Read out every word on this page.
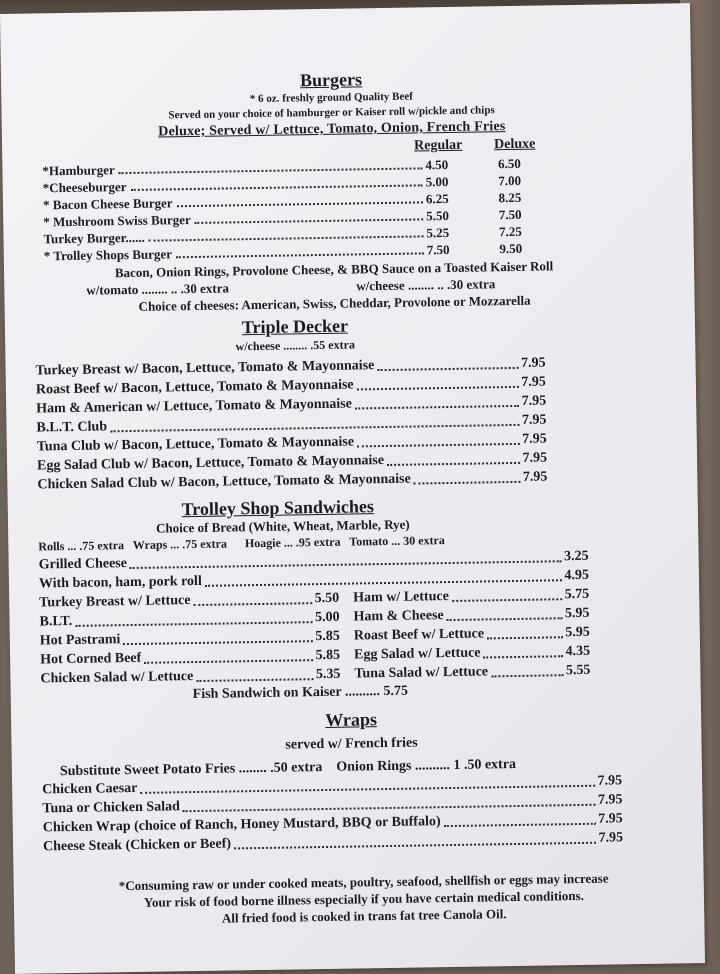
Burgers
* 6 oz. freshly ground Quality Beef
Served on your choice of hamburger or Kaiser roll w/pickle and chips
Deluxe; Served w/ Lettuce, Tomato, Onion, French Fries
Regular Deluxe
*Hamburger	4.50	6.50
*Cheeseburger	5.00	7.00
* Bacon Cheese Burger	6.25	8.25
* Mushroom Swiss Burger	5.50	7.50
Turkey Burger......	5.25	7.25
* Trolley Shops Burger	7.50	9.50
Bacon, Onion Rings, Provolone Cheese, & BBQ Sauce on a Toasted Kaiser Roll
w/tomato ........ .. .30 extra	w/cheese ........ .. .30 extra
Choice of cheeses: American, Swiss, Cheddar, Provolone or Mozzarella
Triple Decker
w/cheese ........ .55 extra
Turkey Breast w/ Bacon, Lettuce, Tomato & Mayonnaise	7.95
Roast Beef w/ Bacon, Lettuce, Tomato & Mayonnaise	7.95
Ham & American w/ Lettuce, Tomato & Mayonnaise	7.95
B.L.T. Club	7.95
Tuna Club w/ Bacon, Lettuce, Tomato & Mayonnaise	7.95
Egg Salad Club w/ Bacon, Lettuce, Tomato & Mayonnaise	7.95
Chicken Salad Club w/ Bacon, Lettuce, Tomato & Mayonnaise	7.95
Trolley Shop Sandwiches
Choice of Bread (White, Wheat, Marble, Rye)
Rolls ... .75 extra   Wraps ... .75 extra      Hoagie ... .95 extra   Tomato ... 30 extra
Grilled Cheese	3.25
With bacon, ham, pork roll	4.95
Turkey Breast w/ Lettuce	5.50
B.LT.	5.00
Hot Pastrami	5.85
Hot Corned Beef	5.85
Chicken Salad w/ Lettuce	5.35
Ham w/ Lettuce	5.75
Ham & Cheese	5.95
Roast Beef w/ Lettuce	5.95
Egg Salad w/ Lettuce	4.35
Tuna Salad w/ Lettuce	5.55
Fish Sandwich on Kaiser .......... 5.75
Wraps
served w/ French fries
Substitute Sweet Potato Fries ........ .50 extra Onion Rings .......... 1 .50 extra
Chicken Caesar	7.95
Tuna or Chicken Salad	7.95
Chicken Wrap (choice of Ranch, Honey Mustard, BBQ or Buffalo)	7.95
Cheese Steak (Chicken or Beef)	7.95
*Consuming raw or under cooked meats, poultry, seafood, shellfish or eggs may increase
Your risk of food borne illness especially if you have certain medical conditions.
All fried food is cooked in trans fat tree Canola Oil.
